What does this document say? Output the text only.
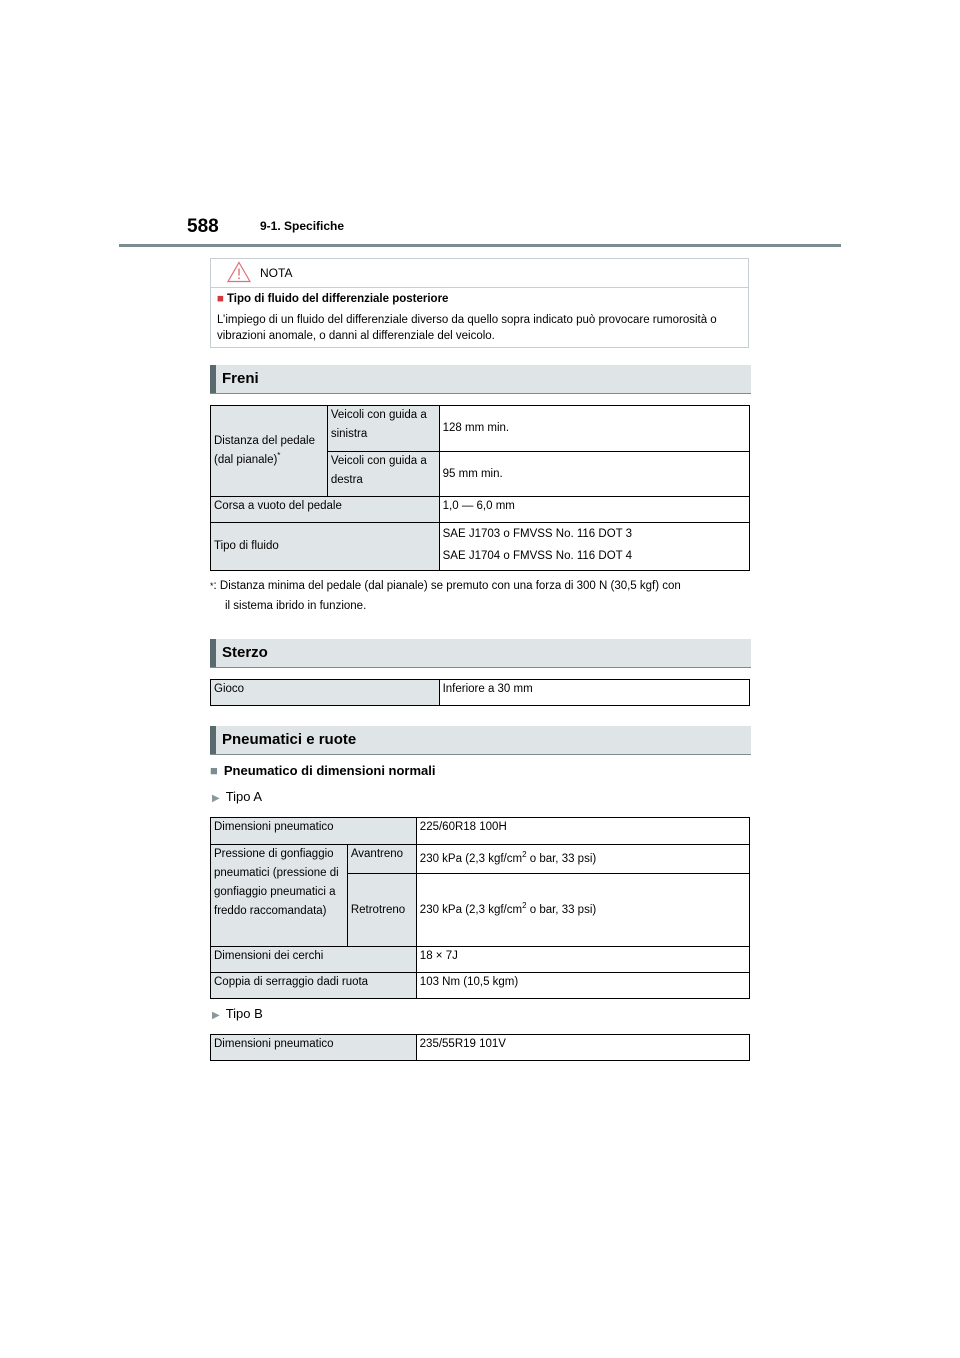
588	9-1. Specifiche
NOTA
■ Tipo di fluido del differenziale posteriore
L’impiego di un fluido del differenziale diverso da quello sopra indicato può provocare rumorosità o vibrazioni anomale, o danni al differenziale del veicolo.
Freni
Distanza del pedale (dal pianale)*	Veicoli con guida a sinistra	128 mm min.
	Veicoli con guida a destra	95 mm min.
Corsa a vuoto del pedale		1,0 — 6,0 mm
Tipo di fluido		SAE J1703 o FMVSS No. 116 DOT 3
SAE J1704 o FMVSS No. 116 DOT 4
*: Distanza minima del pedale (dal pianale) se premuto con una forza di 300 N (30,5 kgf) con
il sistema ibrido in funzione.
Sterzo
Gioco	Inferiore a 30 mm
Pneumatici e ruote
■ Pneumatico di dimensioni normali
▶ Tipo A
Dimensioni pneumatico		225/60R18 100H
Pressione di gonfiaggio pneumatici (pressione di gonfiaggio pneumatici a freddo raccomandata)	Avantreno	230 kPa (2,3 kgf/$cm^2$ o bar, 33 psi)
	Retrotreno	230 kPa (2,3 kgf/$cm^2$ o bar, 33 psi)
Dimensioni dei cerchi		18 × 7J
Coppia di serraggio dadi ruota		103 Nm (10,5 kgm)
▶ Tipo B
Dimensioni pneumatico	235/55R19 101V
